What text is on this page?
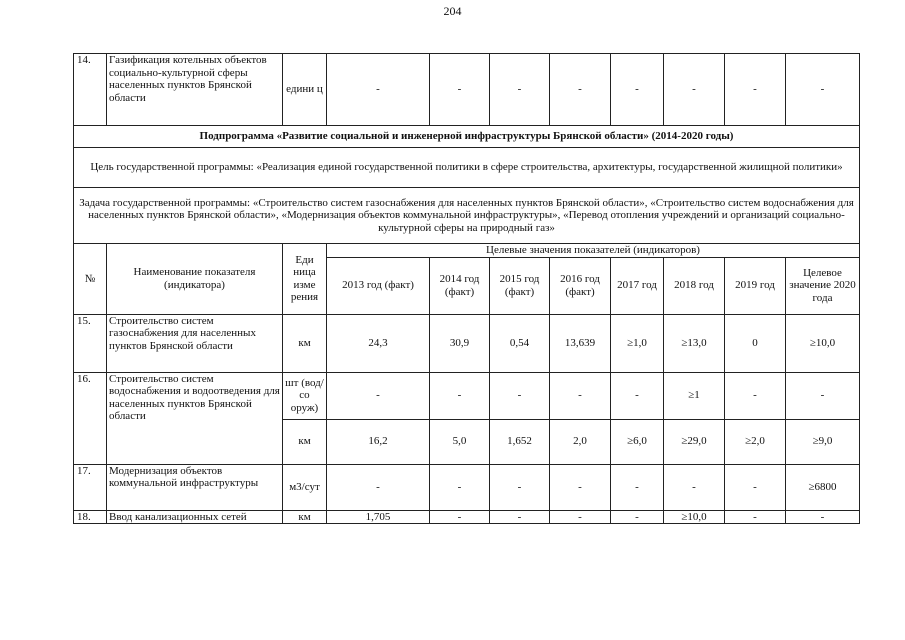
204
14.	Газификация котельных объектов социально-культурной сферы населенных пунктов Брянской области	едини ц	-	-	-	-	-	-	-	-
Подпрограмма «Развитие социальной и инженерной инфраструктуры Брянской области» (2014-2020 годы)										
Цель государственной программы: «Реализация единой государственной политики в сфере строительства, архитектуры, государственной жилищной политики»										
Задача государственной программы: «Строительство систем газоснабжения для населенных пунктов Брянской области», «Строительство систем водоснабжения для населенных пунктов Брянской области», «Модернизация объектов коммунальной инфраструктуры», «Перевод отопления учреждений и организаций социально-культурной сферы на природный газ»										
№	Наименование показателя (индикатора)	Еди ница изме рения	Целевые значения показателей (индикаторов)							
			2013 год (факт)	2014 год (факт)	2015 год (факт)	2016 год (факт)	2017 год	2018 год	2019 год	Целевое значение 2020 года
15.	Строительство систем газоснабжения для населенных пунктов Брянской области	км	24,3	30,9	0,54	13,639	≥1,0	≥13,0	0	≥10,0
16.	Строительство систем водоснабжения и водоотведения для населенных пунктов Брянской области	шт (вод/со оруж)	-	-	-	-	-	≥1	-	-
		км	16,2	5,0	1,652	2,0	≥6,0	≥29,0	≥2,0	≥9,0
17.	Модернизация объектов коммунальной инфраструктуры	м3/сут	-	-	-	-	-	-	-	≥6800
18.	Ввод канализационных сетей	км	1,705	-	-	-	-	≥10,0	-	-
